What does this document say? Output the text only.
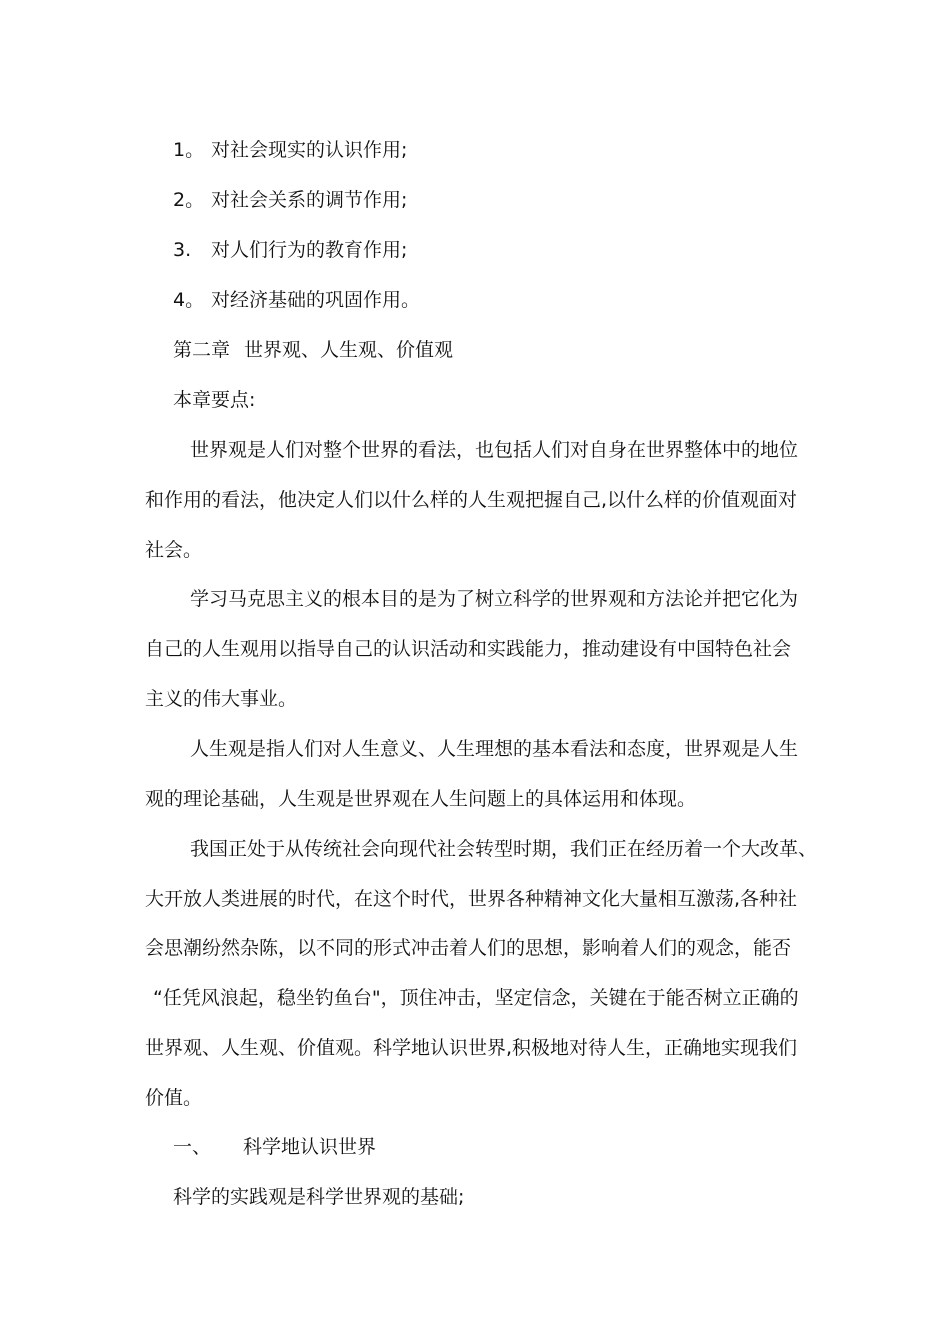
1。 对社会现实的认识作用;
2。 对社会关系的调节作用;
3. 对人们行为的教育作用;
4。 对经济基础的巩固作用。
第二章 世界观、人生观、价值观
本章要点:
世界观是人们对整个世界的看法，也包括人们对自身在世界整体中的地位
和作用的看法，他决定人们以什么样的人生观把握自己,以什么样的价值观面对
社会。
学习马克思主义的根本目的是为了树立科学的世界观和方法论并把它化为
自己的人生观用以指导自己的认识活动和实践能力，推动建设有中国特色社会
主义的伟大事业。
人生观是指人们对人生意义、人生理想的基本看法和态度，世界观是人生
观的理论基础，人生观是世界观在人生问题上的具体运用和体现。
我国正处于从传统社会向现代社会转型时期，我们正在经历着一个大改革、
大开放人类进展的时代，在这个时代，世界各种精神文化大量相互激荡,各种社
会思潮纷然杂陈，以不同的形式冲击着人们的思想，影响着人们的观念，能否
“任凭风浪起，稳坐钓鱼台"，顶住冲击，坚定信念，关键在于能否树立正确的
世界观、人生观、价值观。科学地认识世界,积极地对待人生，正确地实现我们
价值。
一、 科学地认识世界
科学的实践观是科学世界观的基础;
